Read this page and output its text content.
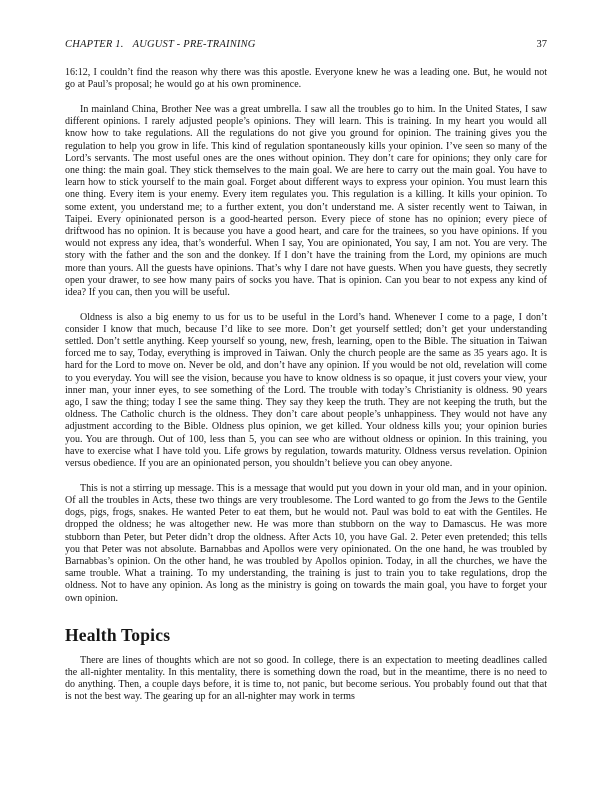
CHAPTER 1. AUGUST - PRE-TRAINING	37

16:12, I couldn’t find the reason why there was this apostle. Everyone knew he was a leading one. But, he would not go at Paul’s proposal; he would go at his own prominence.

In mainland China, Brother Nee was a great umbrella. I saw all the troubles go to him. In the United States, I saw different opinions. I rarely adjusted people’s opinions. They will learn. This is training. In my heart you would all know how to take regulations. All the regulations do not give you ground for opinion. The training gives you the regulation to help you grow in life. This kind of regulation spontaneously kills your opinion. I’ve seen so many of the Lord’s servants. The most useful ones are the ones without opinion. They don’t care for opinions; they only care for one thing: the main goal. They stick themselves to the main goal. We are here to carry out the main goal. You have to learn how to stick yourself to the main goal. Forget about different ways to express your opinion. You must learn this one thing. Every item is your enemy. Every item regulates you. This regulation is a killing. It kills your opinion. To some extent, you understand me; to a further extent, you don’t understand me. A sister recently went to Taiwan, in Taipei. Every opinionated person is a good-hearted person. Every piece of stone has no opinion; every piece of driftwood has no opinion. It is because you have a good heart, and care for the trainees, so you have opinions. If you would not express any idea, that’s wonderful. When I say, You are opinionated, You say, I am not. You are very. The story with the father and the son and the donkey. If I don’t have the training from the Lord, my opinions are much more than yours. All the guests have opinions. That’s why I dare not have guests. When you have guests, they secretly open your drawer, to see how many pairs of socks you have. That is opinion. Can you bear to not expess any kind of idea? If you can, then you will be useful.

Oldness is also a big enemy to us for us to be useful in the Lord’s hand. Whenever I come to a page, I don’t consider I know that much, because I’d like to see more. Don’t get yourself settled; don’t get your understanding settled. Don’t settle anything. Keep yourself so young, new, fresh, learning, open to the Bible. The situation in Taiwan forced me to say, Today, everything is improved in Taiwan. Only the church people are the same as 35 years ago. It is hard for the Lord to move on. Never be old, and don’t have any opinion. If you would be not old, revelation will come to you everyday. You will see the vision, because you have to know oldness is so opaque, it just covers your view, your inner man, your inner eyes, to see something of the Lord. The trouble with today’s Christianity is oldness. 90 years ago, I saw the thing; today I see the same thing. They say they keep the truth. They are not keeping the truth, but the oldness. The Catholic church is the oldness. They don’t care about people’s unhappiness. They would not have any adjustment according to the Bible. Oldness plus opinion, we get killed. Your oldness kills you; your opinion buries you. You are through. Out of 100, less than 5, you can see who are without oldness or opinion. In this training, you have to exercise what I have told you. Life grows by regulation, towards maturity. Oldness versus revelation. Opinion versus obedience. If you are an opinionated person, you shouldn’t believe you can obey anyone.

This is not a stirring up message. This is a message that would put you down in your old man, and in your opinion. Of all the troubles in Acts, these two things are very troublesome. The Lord wanted to go from the Jews to the Gentile dogs, pigs, frogs, snakes. He wanted Peter to eat them, but he would not. Paul was bold to eat with the Gentiles. He dropped the oldness; he was altogether new. He was more than stubborn on the way to Damascus. He was more stubborn than Peter, but Peter didn’t drop the oldness. After Acts 10, you have Gal. 2. Peter even pretended; this tells you that Peter was not absolute. Barnabbas and Apollos were very opinionated. On the one hand, he was troubled by Barnabbas’s opinion. On the other hand, he was troubled by Apollos opinion. Today, in all the churches, we have the same trouble. What a training. To my understanding, the training is just to train you to take regulations, drop the oldness. Not to have any opinion. As long as the ministry is going on towards the main goal, you have to forget your own opinion.

Health Topics

There are lines of thoughts which are not so good. In college, there is an expectation to meeting deadlines called the all-nighter mentality. In this mentality, there is something down the road, but in the meantime, there is no need to do anything. Then, a couple days before, it is time to, not panic, but become serious. You probably found out that that is not the best way. The gearing up for an all-nighter may work in terms
